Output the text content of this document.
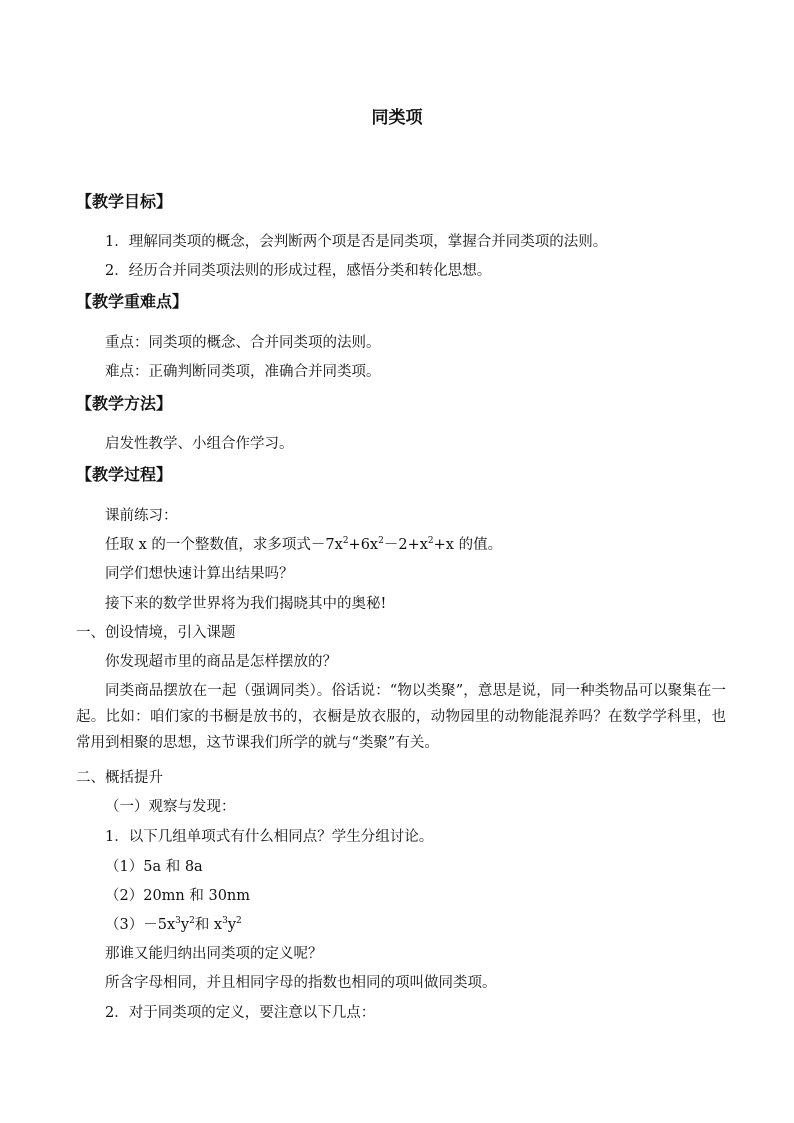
同类项
【教学目标】
1．理解同类项的概念，会判断两个项是否是同类项，掌握合并同类项的法则。
2．经历合并同类项法则的形成过程，感悟分类和转化思想。
【教学重难点】
重点：同类项的概念、合并同类项的法则。
难点：正确判断同类项，准确合并同类项。
【教学方法】
启发性教学、小组合作学习。
【教学过程】
课前练习：
任取 x 的一个整数值，求多项式$-7x^2+6x^2-2+x^2+x$ 的值。
同学们想快速计算出结果吗？
接下来的数学世界将为我们揭晓其中的奥秘!
一、创设情境，引入课题
你发现超市里的商品是怎样摆放的？
同类商品摆放在一起（强调同类）。俗话说：“物以类聚”，意思是说，同一种类物品可以聚集在一起。比如：咱们家的书橱是放书的，衣橱是放衣服的，动物园里的动物能混养吗？在数学学科里，也常用到相聚的思想，这节课我们所学的就与“类聚”有关。
二、概括提升
（一）观察与发现：
1．以下几组单项式有什么相同点？学生分组讨论。
（1）5a 和 8a
（2）20mn 和 30nm
$(3)-5x^3y^2$和 $x^3y^2$
那谁又能归纳出同类项的定义呢？
所含字母相同，并且相同字母的指数也相同的项叫做同类项。
2．对于同类项的定义，要注意以下几点：
